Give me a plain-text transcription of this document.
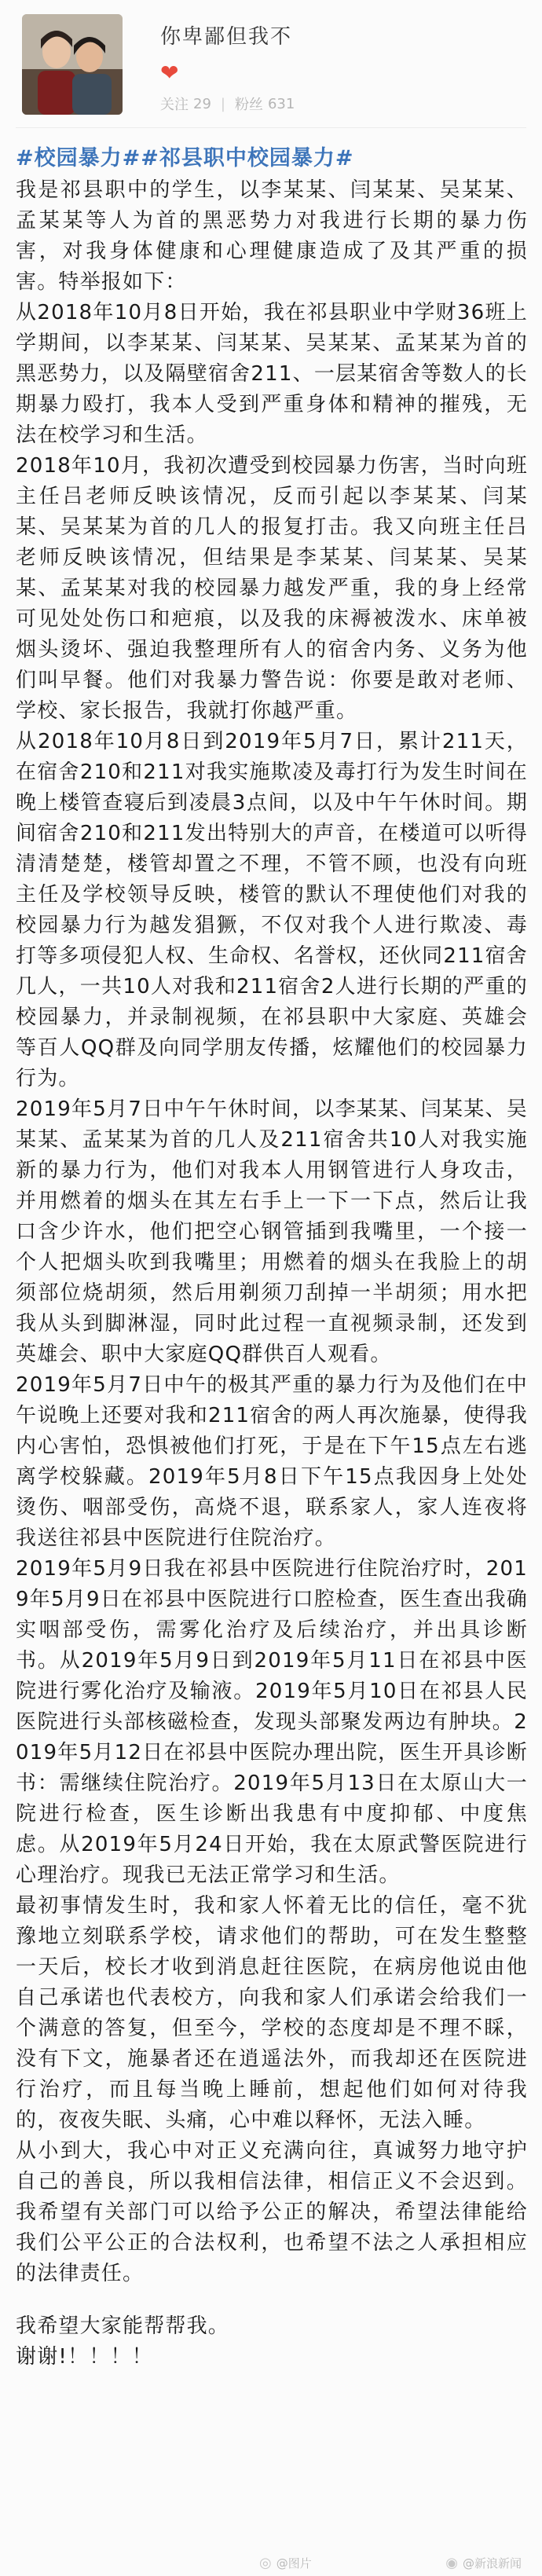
你卑鄙但我不
❤
关注 29 | 粉丝 631
#校园暴力##祁县职中校园暴力#

我是祁县职中的学生，以李某某、闫某某、吴某某、孟某某等人为首的黑恶势力对我进行长期的暴力伤害，对我身体健康和心理健康造成了及其严重的损害。特举报如下：

从2018年10月8日开始，我在祁县职业中学财36班上学期间，以李某某、闫某某、吴某某、孟某某为首的黑恶势力，以及隔壁宿舍211、一层某宿舍等数人的长期暴力殴打，我本人受到严重身体和精神的摧残，无法在校学习和生活。

2018年10月，我初次遭受到校园暴力伤害，当时向班主任吕老师反映该情况，反而引起以李某某、闫某某、吴某某为首的几人的报复打击。我又向班主任吕老师反映该情况，但结果是李某某、闫某某、吴某某、孟某某对我的校园暴力越发严重，我的身上经常可见处处伤口和疤痕，以及我的床褥被泼水、床单被烟头烫坏、强迫我整理所有人的宿舍内务、义务为他们叫早餐。他们对我暴力警告说：你要是敢对老师、学校、家长报告，我就打你越严重。

从2018年10月8日到2019年5月7日，累计211天，在宿舍210和211对我实施欺凌及毒打行为发生时间在晚上楼管查寝后到凌晨3点间，以及中午午休时间。期间宿舍210和211发出特别大的声音，在楼道可以听得清清楚楚，楼管却置之不理，不管不顾，也没有向班主任及学校领导反映，楼管的默认不理使他们对我的校园暴力行为越发猖獗，不仅对我个人进行欺凌、毒打等多项侵犯人权、生命权、名誉权，还伙同211宿舍几人，一共10人对我和211宿舍2人进行长期的严重的校园暴力，并录制视频，在祁县职中大家庭、英雄会等百人QQ群及向同学朋友传播，炫耀他们的校园暴力行为。

2019年5月7日中午午休时间，以李某某、闫某某、吴某某、孟某某为首的几人及211宿舍共10人对我实施新的暴力行为，他们对我本人用钢管进行人身攻击，并用燃着的烟头在其左右手上一下一下点，然后让我口含少许水，他们把空心钢管插到我嘴里，一个接一个人把烟头吹到我嘴里；用燃着的烟头在我脸上的胡须部位烧胡须，然后用剃须刀刮掉一半胡须；用水把我从头到脚淋湿，同时此过程一直视频录制，还发到英雄会、职中大家庭QQ群供百人观看。

2019年5月7日中午的极其严重的暴力行为及他们在中午说晚上还要对我和211宿舍的两人再次施暴，使得我内心害怕，恐惧被他们打死，于是在下午15点左右逃离学校躲藏。2019年5月8日下午15点我因身上处处烫伤、咽部受伤，高烧不退，联系家人，家人连夜将我送往祁县中医院进行住院治疗。

2019年5月9日我在祁县中医院进行住院治疗时，2019年5月9日在祁县中医院进行口腔检查，医生查出我确实咽部受伤，需雾化治疗及后续治疗，并出具诊断书。从2019年5月9日到2019年5月11日在祁县中医院进行雾化治疗及输液。2019年5月10日在祁县人民医院进行头部核磁检查，发现头部聚发两边有肿块。2019年5月12日在祁县中医院办理出院，医生开具诊断书：需继续住院治疗。2019年5月13日在太原山大一院进行检查，医生诊断出我患有中度抑郁、中度焦虑。从2019年5月24日开始，我在太原武警医院进行心理治疗。现我已无法正常学习和生活。

最初事情发生时，我和家人怀着无比的信任，毫不犹豫地立刻联系学校，请求他们的帮助，可在发生整整一天后，校长才收到消息赶往医院，在病房他说由他自己承诺也代表校方，向我和家人们承诺会给我们一个满意的答复，但至今，学校的态度却是不理不睬，没有下文，施暴者还在逍遥法外，而我却还在医院进行治疗，而且每当晚上睡前，想起他们如何对待我的，夜夜失眠、头痛，心中难以释怀，无法入睡。

从小到大，我心中对正义充满向往，真诚努力地守护自己的善良，所以我相信法律，相信正义不会迟到。我希望有关部门可以给予公正的解决，希望法律能给我们公平公正的合法权利，也希望不法之人承担相应的法律责任。

我希望大家能帮帮我。

谢谢!！！！！

◎ @图片	◉ @新浪新闻
